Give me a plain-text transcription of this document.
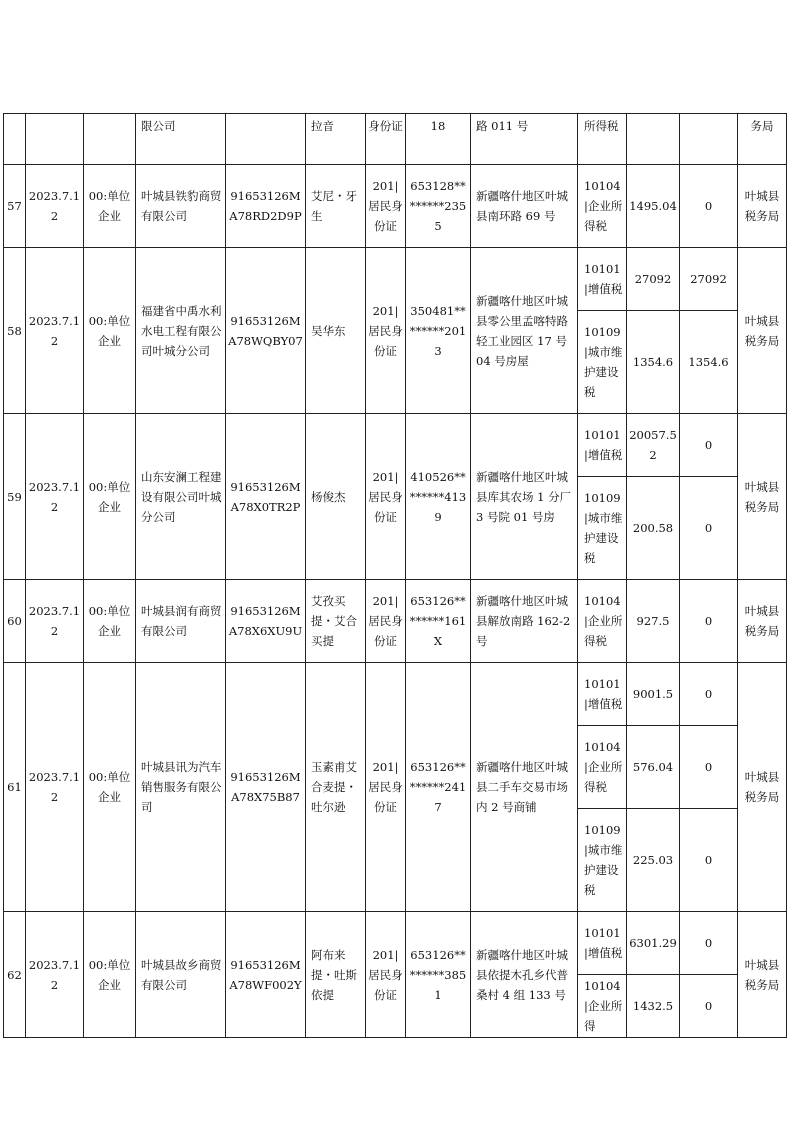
			限公司		拉音	身份证	18	路 011 号	所得税			务局
57	2023.7.12	00:单位企业	叶城县铁豹商贸有限公司	91653126MA78RD2D9P	艾尼・牙生	201|居民身份证	653128********2355	新疆喀什地区叶城县南环路 69 号	10104|企业所得税	1495.04	0	叶城县税务局
58	2023.7.12	00:单位企业	福建省中禹水利水电工程有限公司叶城分公司	91653126MA78WQBY07	吴华东	201|居民身份证	350481********2013	新疆喀什地区叶城县零公里孟喀特路轻工业园区 17 号 04 号房屋	10101|增值税	27092	27092	叶城县税务局
									10109|城市维护建设税	1354.6	1354.6	
59	2023.7.12	00:单位企业	山东安澜工程建设有限公司叶城分公司	91653126MA78X0TR2P	杨俊杰	201|居民身份证	410526********4139	新疆喀什地区叶城县库其农场 1 分厂 3 号院 01 号房	10101|增值税	20057.52	0	叶城县税务局
									10109|城市维护建设税	200.58	0	
60	2023.7.12	00:单位企业	叶城县润有商贸有限公司	91653126MA78X6XU9U	艾孜买提・艾合买提	201|居民身份证	653126********161X	新疆喀什地区叶城县解放南路 162-2 号	10104|企业所得税	927.5	0	叶城县税务局
61	2023.7.12	00:单位企业	叶城县讯为汽车销售服务有限公司	91653126MA78X75B87	玉素甫艾合麦提・吐尔逊	201|居民身份证	653126********2417	新疆喀什地区叶城县二手车交易市场内 2 号商铺	10101|增值税	9001.5	0	叶城县税务局
									10104|企业所得税	576.04	0	
									10109|城市维护建设税	225.03	0	
62	2023.7.12	00:单位企业	叶城县故乡商贸有限公司	91653126MA78WF002Y	阿布来提・吐斯依提	201|居民身份证	653126********3851	新疆喀什地区叶城县依提木孔乡代普桑村 4 组 133 号	10101|增值税	6301.29	0	叶城县税务局
									10104|企业所得	1432.5	0	
